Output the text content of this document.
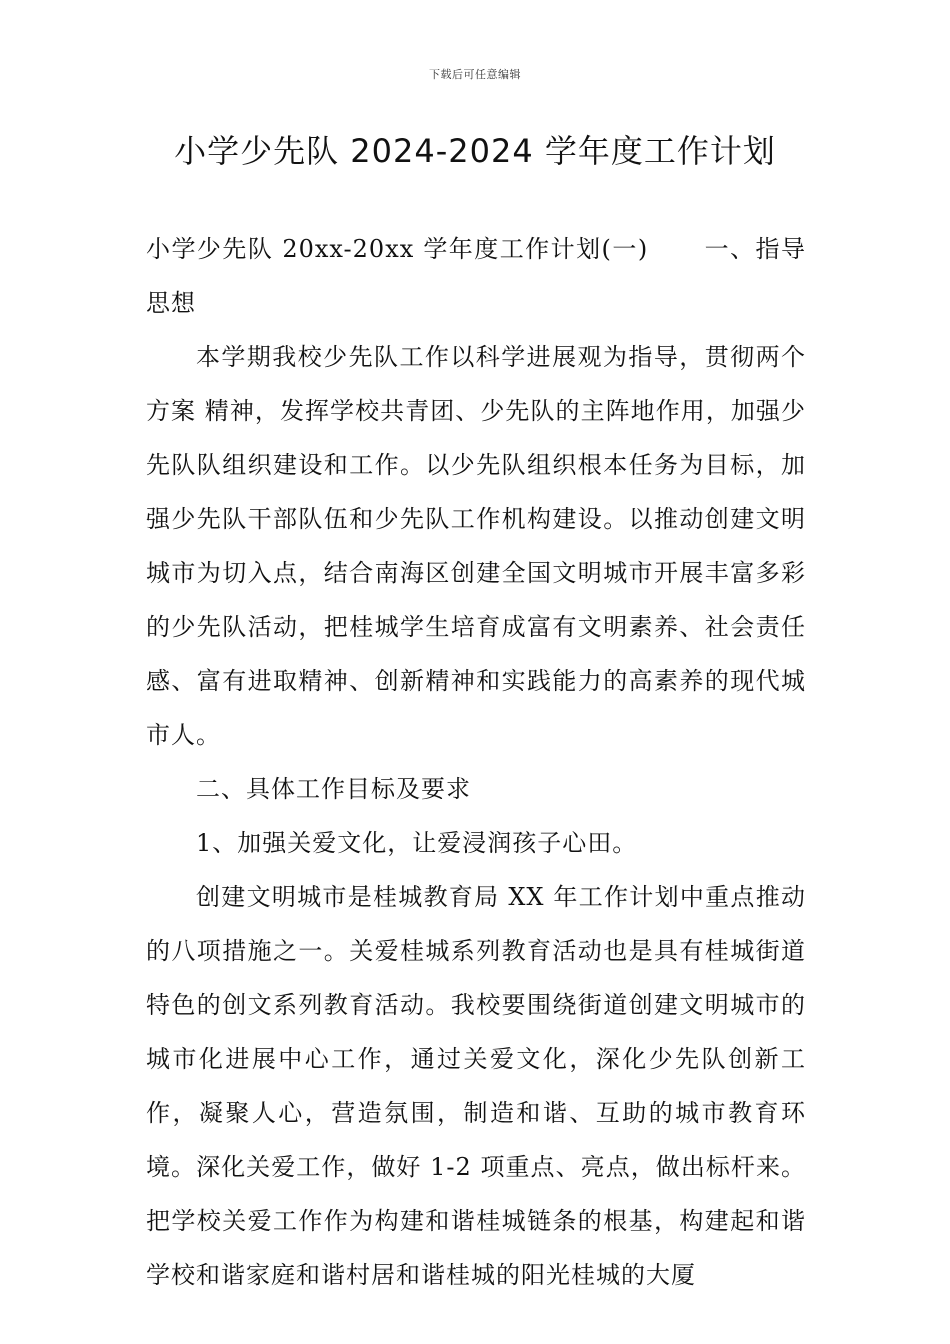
下载后可任意编辑
小学少先队 2024-2024 学年度工作计划

小学少先队 20xx-20xx 学年度工作计划(一) 一、指导思想

本学期我校少先队工作以科学进展观为指导，贯彻两个方案 精神，发挥学校共青团、少先队的主阵地作用，加强少先队队组织建设和工作。以少先队组织根本任务为目标，加强少先队干部队伍和少先队工作机构建设。以推动创建文明城市为切入点，结合南海区创建全国文明城市开展丰富多彩的少先队活动，把桂城学生培育成富有文明素养、社会责任感、富有进取精神、创新精神和实践能力的高素养的现代城市人。

二、具体工作目标及要求

1、加强关爱文化，让爱浸润孩子心田。

创建文明城市是桂城教育局 XX 年工作计划中重点推动的八项措施之一。关爱桂城系列教育活动也是具有桂城街道特色的创文系列教育活动。我校要围绕街道创建文明城市的城市化进展中心工作，通过关爱文化，深化少先队创新工作，凝聚人心，营造氛围，制造和谐、互助的城市教育环境。深化关爱工作，做好 1-2 项重点、亮点，做出标杆来。把学校关爱工作作为构建和谐桂城链条的根基，构建起和谐学校和谐家庭和谐村居和谐桂城的阳光桂城的大厦
